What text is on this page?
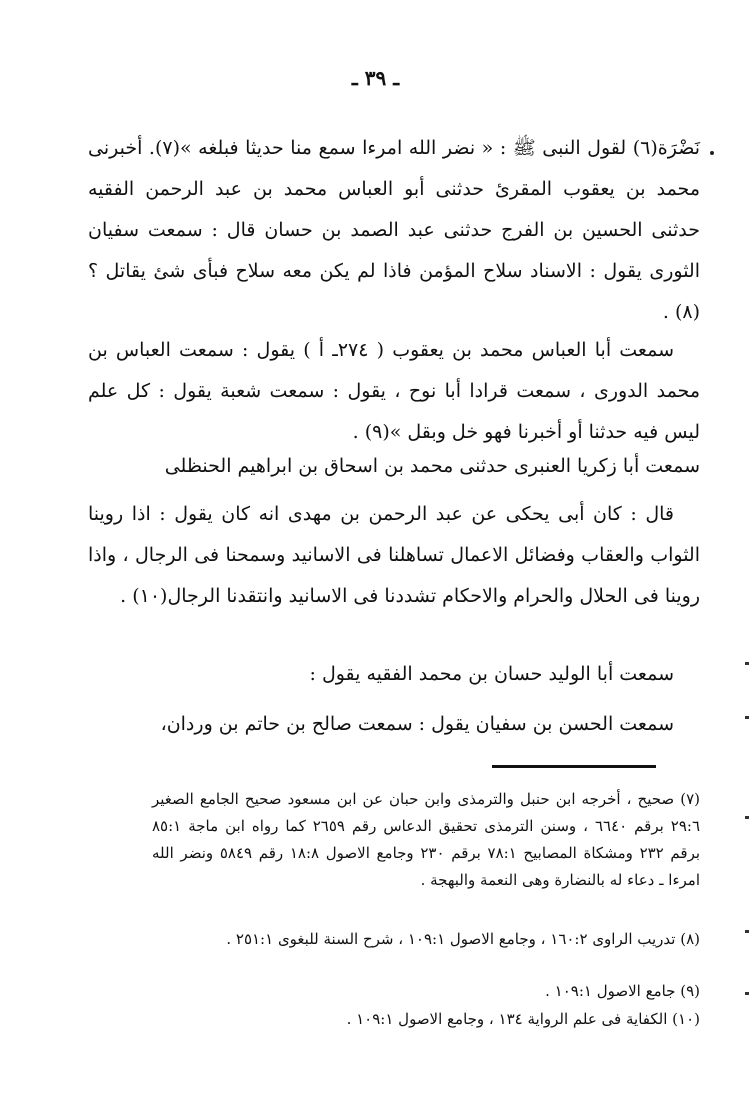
ـ ٣٩ ـ
نَضْرَة(٦) لقول النبى ﷺ : « نضر الله امرءا سمع منا حديثا فبلغه »(٧). أخبرنى محمد بن يعقوب المقرئ حدثنى أبو العباس محمد بن عبد الرحمن الفقيه حدثنى الحسين بن الفرج حدثنى عبد الصمد بن حسان قال : سمعت سفيان الثورى يقول : الاسناد سلاح المؤمن فاذا لم يكن معه سلاح فبأى شئ يقاتل ؟(٨) .
سمعت أبا العباس محمد بن يعقوب ( ٢٧٤ـ أ ) يقول : سمعت العباس بن محمد الدورى ، سمعت قرادا أبا نوح ، يقول : سمعت شعبة يقول : كل علم ليس فيه حدثنا أو أخبرنا فهو خل وبقل »(٩) .
سمعت أبا زكريا العنبرى حدثنى محمد بن اسحاق بن ابراهيم الحنظلى
قال : كان أبى يحكى عن عبد الرحمن بن مهدى انه كان يقول : اذا روينا الثواب والعقاب وفضائل الاعمال تساهلنا فى الاسانيد وسمحنا فى الرجال ، واذا روينا فى الحلال والحرام والاحكام تشددنا فى الاسانيد وانتقدنا الرجال(١٠) .
سمعت أبا الوليد حسان بن محمد الفقيه يقول :
سمعت الحسن بن سفيان يقول : سمعت صالح بن حاتم بن وردان،
(٧) صحيح ، أخرجه ابن حنبل والترمذى وابن حبان عن ابن مسعود صحيح الجامع الصغير ٢٩:٦ برقم ٦٦٤٠ ، وسنن الترمذى تحقيق الدعاس رقم ٢٦٥٩ كما رواه ابن ماجة ٨٥:١ برقم ٢٣٢ ومشكاة المصابيح ٧٨:١ برقم ٢٣٠ وجامع الاصول ١٨:٨ رقم ٥٨٤٩ ونضر الله امرءا ـ دعاء له بالنضارة وهى النعمة والبهجة .
(٨) تدريب الراوى ١٦٠:٢ ، وجامع الاصول ١٠٩:١ ، شرح السنة للبغوى ٢٥١:١ .
(٩) جامع الاصول ١٠٩:١ .
(١٠) الكفاية فى علم الرواية ١٣٤ ، وجامع الاصول ١٠٩:١ .
